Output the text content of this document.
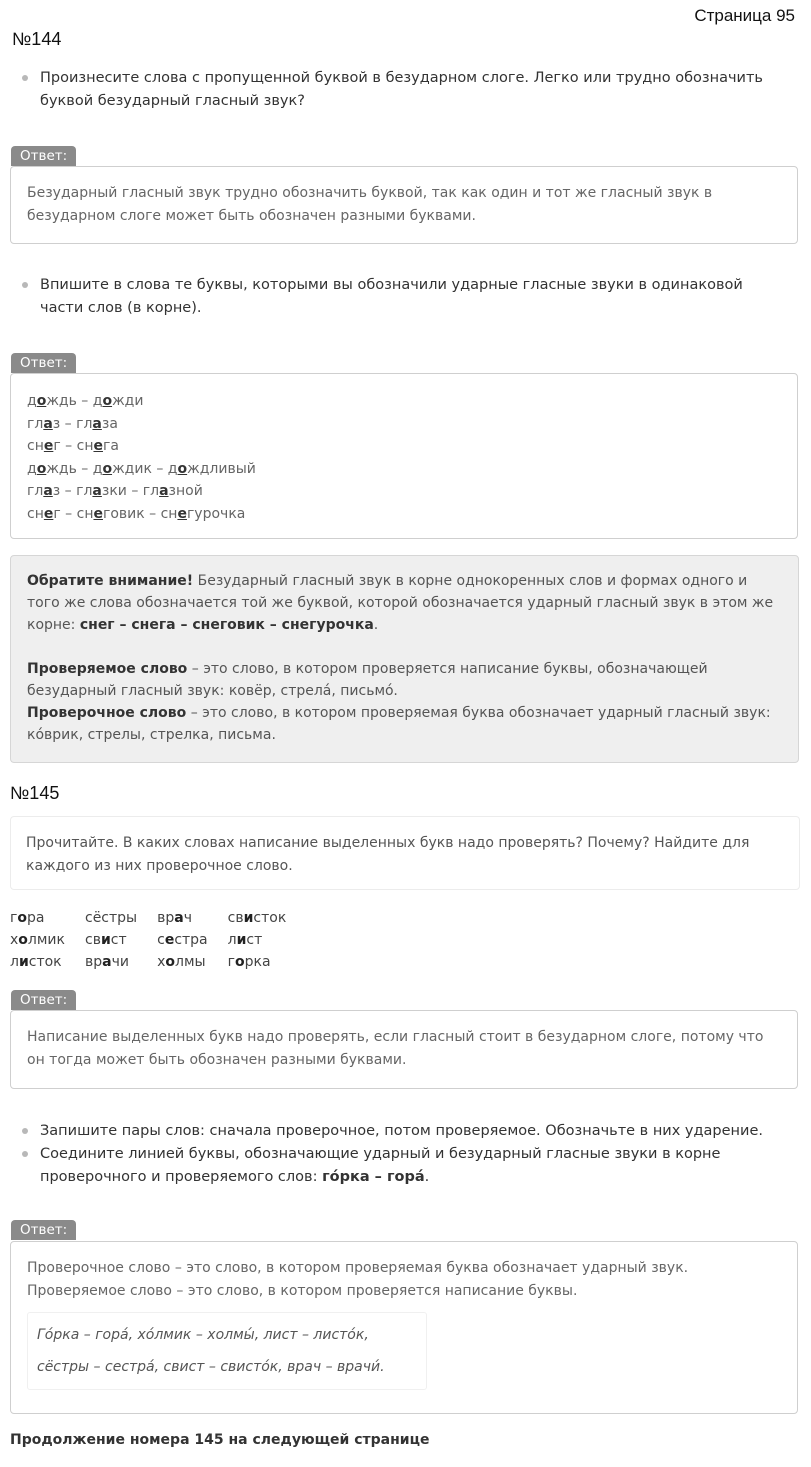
Страница 95
№144
Произнесите слова с пропущенной буквой в безударном слоге. Легко или трудно обозначить буквой безударный гласный звук?
Ответ:
Безударный гласный звук трудно обозначить буквой, так как один и тот же гласный звук в безударном слоге может быть обозначен разными буквами.
Впишите в слова те буквы, которыми вы обозначили ударные гласные звуки в одинаковой части слов (в корне).
Ответ:
дождь – дожди
глаз – глаза
снег – снега
дождь – дождик – дождливый
глаз – глазки – глазной
снег – снеговик – снегурочка
Обратите внимание! Безударный гласный звук в корне однокоренных слов и формах одного и того же слова обозначается той же буквой, которой обозначается ударный гласный звук в этом же корне: снег – снега – снеговик – снегурочка.
Проверяемое слово – это слово, в котором проверяется написание буквы, обозначающей безударный гласный звук: ковёр, стрелá, письмó.
Проверочное слово – это слово, в котором проверяемая буква обозначает ударный гласный звук: кóврик, стрелы, стрелка, письма.
№145
Прочитайте. В каких словах написание выделенных букв надо проверять? Почему? Найдите для каждого из них проверочное слово.
гора	сёстры	врач	свисток
холмик	свист	сестра	лист
листок	врачи	холмы	горка
Ответ:
Написание выделенных букв надо проверять, если гласный стоит в безударном слоге, потому что он тогда может быть обозначен разными буквами.
Запишите пары слов: сначала проверочное, потом проверяемое. Обозначьте в них ударение.
Соедините линией буквы, обозначающие ударный и безударный гласные звуки в корне проверочного и проверяемого слов: гóрка – горá.
Ответ:
Проверочное слово – это слово, в котором проверяемая буква обозначает ударный звук.
Проверяемое слово – это слово, в котором проверяется написание буквы.
Гóрка – горá, хóлмик – холмы́, лист – листóк,
сёстры – сестрá, свист – свистóк, врач – врачи́.
Продолжение номера 145 на следующей странице
